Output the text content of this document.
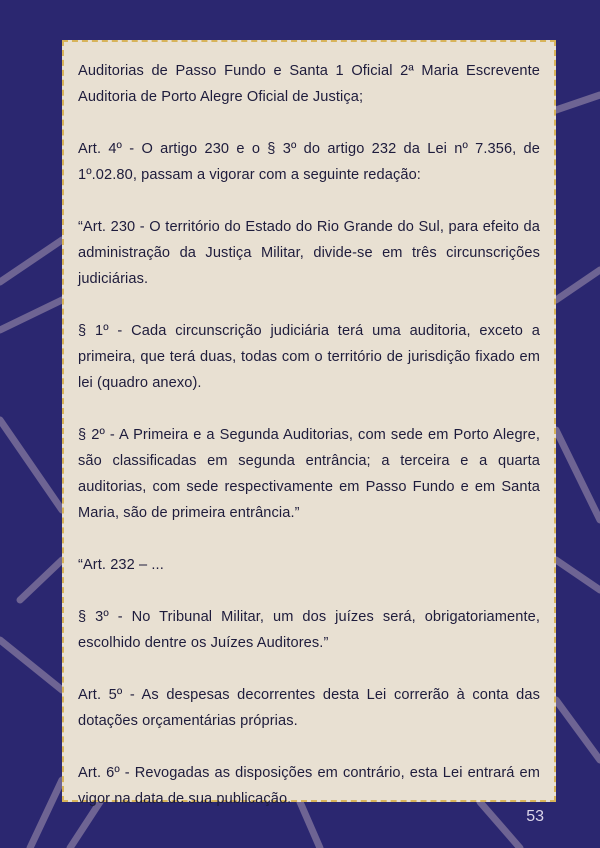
Auditorias de Passo Fundo e Santa 1 Oficial 2ª Maria Escrevente Auditoria de Porto Alegre Oficial de Justiça;

Art. 4º - O artigo 230 e o § 3º do artigo 232 da Lei nº 7.356, de 1º.02.80, passam a vigorar com a seguinte redação:

“Art. 230 - O território do Estado do Rio Grande do Sul, para efeito da administração da Justiça Militar, divide-se em três circunscrições judiciárias.

§ 1º - Cada circunscrição judiciária terá uma auditoria, exceto a primeira, que terá duas, todas com o território de jurisdição fixado em lei (quadro anexo).

§ 2º - A Primeira e a Segunda Auditorias, com sede em Porto Alegre, são classificadas em segunda entrância; a terceira e a quarta auditorias, com sede respectivamente em Passo Fundo e em Santa Maria, são de primeira entrância.”

“Art. 232 – ...

§ 3º - No Tribunal Militar, um dos juízes será, obrigatoriamente, escolhido dentre os Juízes Auditores.”

Art. 5º - As despesas decorrentes desta Lei correrão à conta das dotações orçamentárias próprias.

Art. 6º - Revogadas as disposições em contrário, esta Lei entrará em vigor na data de sua publicação.

53
